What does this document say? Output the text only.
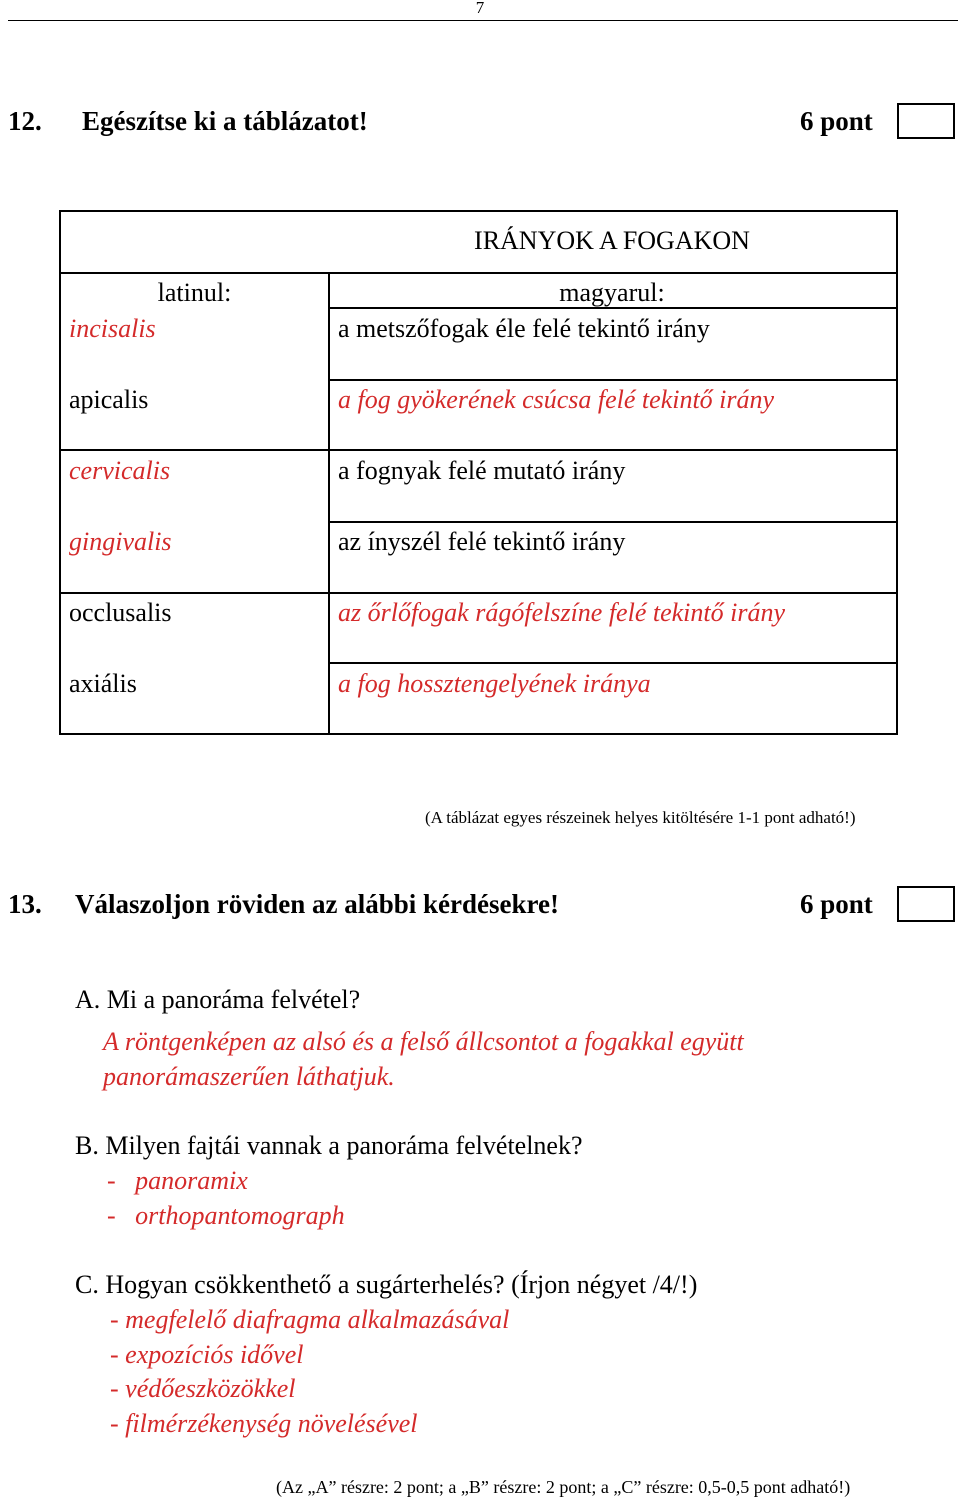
7
12. Egészítse ki a táblázatot!	6 pont
IRÁNYOK A FOGAKON
latinul:	magyarul:
incisalis	a metszőfogak éle felé tekintő irány
apicalis	a fog gyökerének csúcsa felé tekintő irány
cervicalis	a fognyak felé mutató irány
gingivalis	az ínyszél felé tekintő irány
occlusalis	az őrlőfogak rágófelszíne felé tekintő irány
axiális	a fog hossztengelyének iránya
(A táblázat egyes részeinek helyes kitöltésére 1-1 pont adható!)
13. Válaszoljon röviden az alábbi kérdésekre!	6 pont
A. Mi a panoráma felvétel?
A röntgenképen az alsó és a felső állcsontot a fogakkal együtt
panorámaszerűen láthatjuk.
B. Milyen fajtái vannak a panoráma felvételnek?
-   panoramix
-   orthopantomograph
C. Hogyan csökkenthető a sugárterhelés? (Írjon négyet /4/!)
- megfelelő diafragma alkalmazásával
- expozíciós idővel
- védőeszközökkel
- filmérzékenység növelésével
(Az „A” részre: 2 pont; a „B” részre: 2 pont; a „C” részre: 0,5-0,5 pont adható!)
